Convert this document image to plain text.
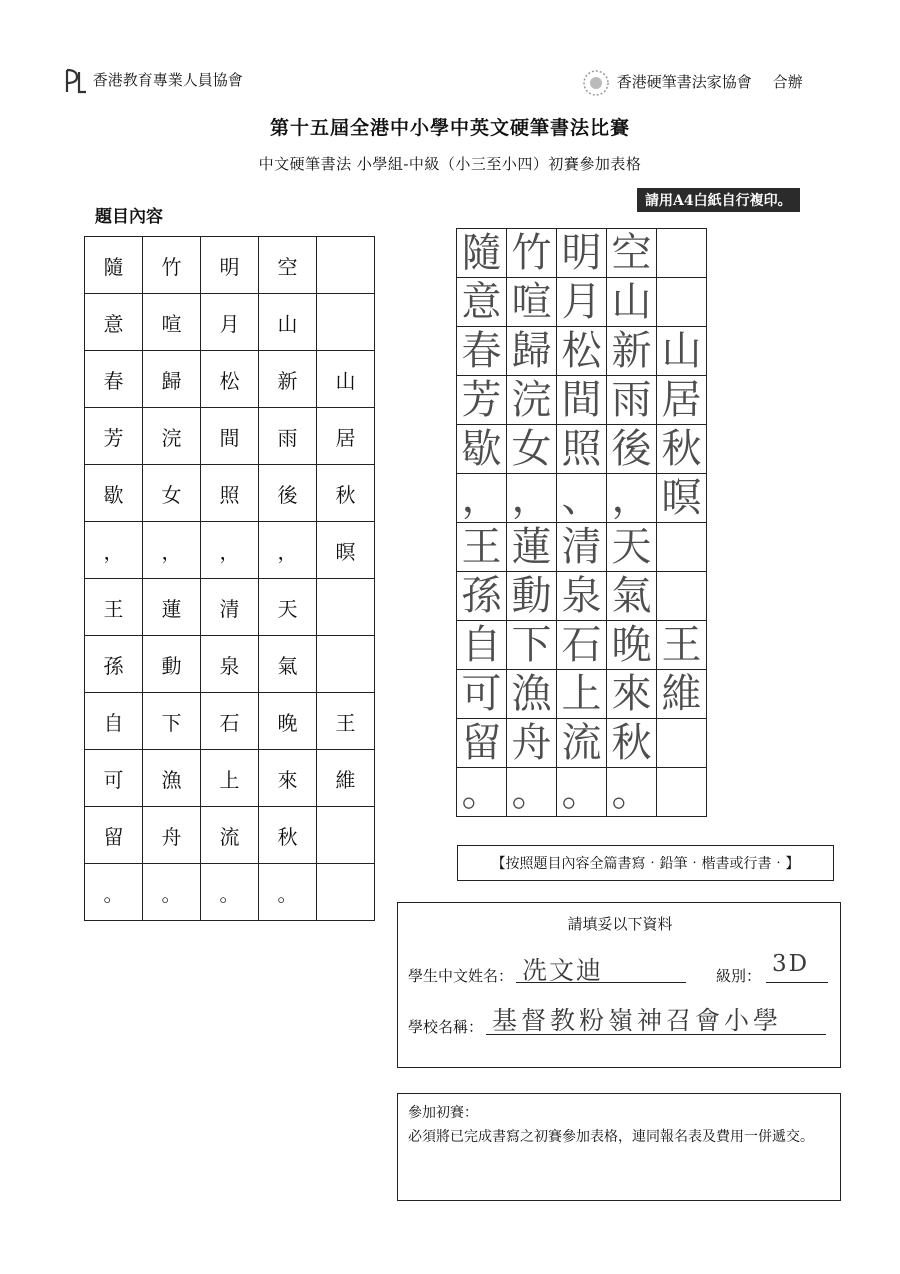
香港教育專業人員協會	香港硬筆書法家協會 合辦
第十五屆全港中小學中英文硬筆書法比賽
中文硬筆書法 小學組-中級（小三至小四）初賽參加表格
請用A4白紙自行複印。
題目內容
隨	竹	明	空	
意	喧	月	山	
春	歸	松	新	山
芳	浣	間	雨	居
歇	女	照	後	秋
，	，	，	，	暝
王	蓮	清	天	
孫	動	泉	氣	
自	下	石	晚	王
可	漁	上	來	維
留	舟	流	秋	
。	。	。	。	
隨	竹	明	空	
意	喧	月	山	
春	歸	松	新	山
芳	浣	間	雨	居
歇	女	照	後	秋
，	，	、	，	暝
王	蓮	清	天	
孫	動	泉	氣	
自	下	石	晚	王
可	漁	上	來	維
留	舟	流	秋	
。	。	。	。	
【按照題目內容全篇書寫‧鉛筆‧楷書或行書‧】
請填妥以下資料
學生中文姓名： 冼文迪	級別： 3D
學校名稱： 基督教粉嶺神召會小學
參加初賽：
必須將已完成書寫之初賽參加表格，連同報名表及費用一併遞交。
